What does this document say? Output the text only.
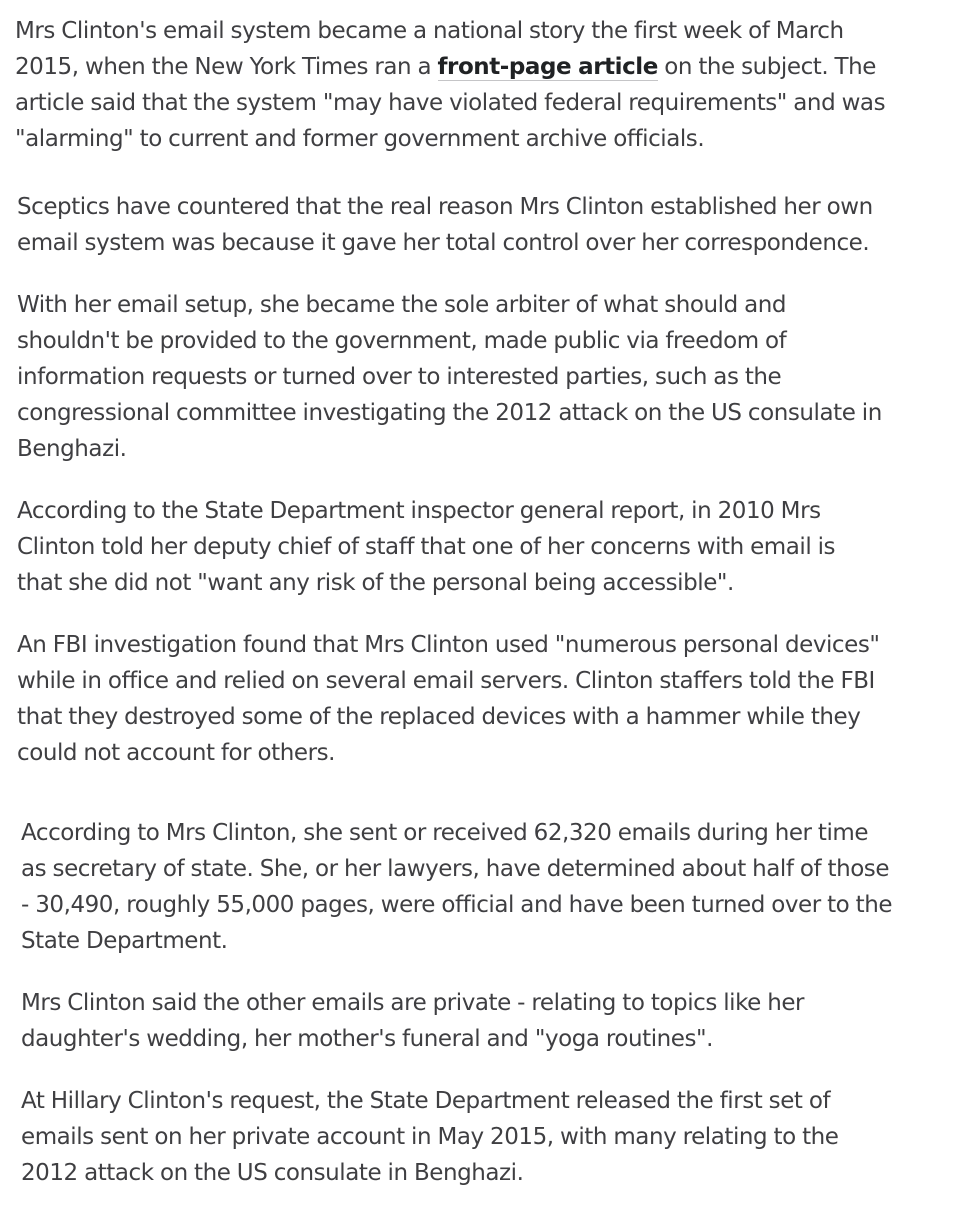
Mrs Clinton's email system became a national story the first week of March
2015, when the New York Times ran a front-page article on the subject. The
article said that the system "may have violated federal requirements" and was
"alarming" to current and former government archive officials.

Sceptics have countered that the real reason Mrs Clinton established her own
email system was because it gave her total control over her correspondence.

With her email setup, she became the sole arbiter of what should and
shouldn't be provided to the government, made public via freedom of
information requests or turned over to interested parties, such as the
congressional committee investigating the 2012 attack on the US consulate in
Benghazi.

According to the State Department inspector general report, in 2010 Mrs
Clinton told her deputy chief of staff that one of her concerns with email is
that she did not "want any risk of the personal being accessible".

An FBI investigation found that Mrs Clinton used "numerous personal devices"
while in office and relied on several email servers. Clinton staffers told the FBI
that they destroyed some of the replaced devices with a hammer while they
could not account for others.

According to Mrs Clinton, she sent or received 62,320 emails during her time
as secretary of state. She, or her lawyers, have determined about half of those
- 30,490, roughly 55,000 pages, were official and have been turned over to the
State Department.

Mrs Clinton said the other emails are private - relating to topics like her
daughter's wedding, her mother's funeral and "yoga routines".

At Hillary Clinton's request, the State Department released the first set of
emails sent on her private account in May 2015, with many relating to the
2012 attack on the US consulate in Benghazi.
